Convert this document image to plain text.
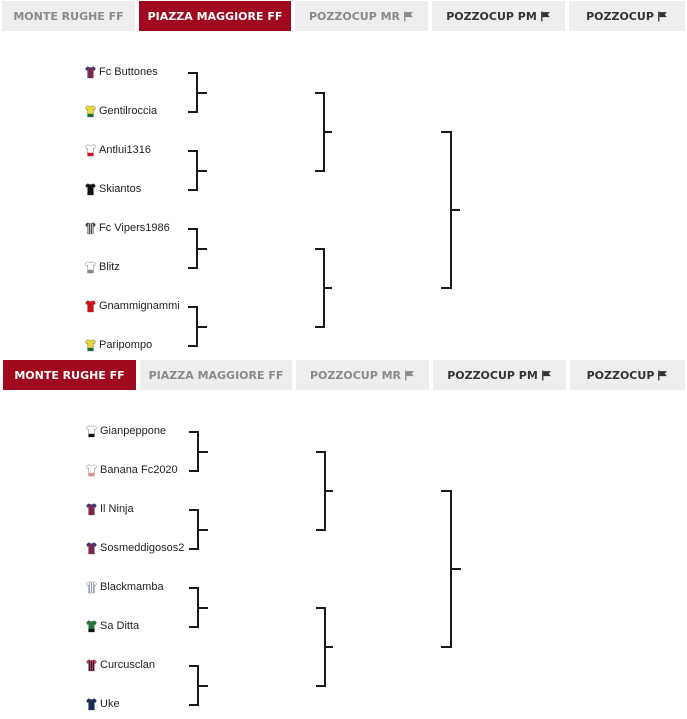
MONTE RUGHE FF PIAZZA MAGGIORE FF POZZOCUP MR	POZZOCUP PM	POZZOCUP
Fc Buttones
Gentilroccia
Antlui1316
Skiantos
Fc Vipers1986
Blitz
Gnammignammi
Paripompo
MONTE RUGHE FF PIAZZA MAGGIORE FF POZZOCUP MR	POZZOCUP PM	POZZOCUP
Gianpeppone
Banana Fc2020
Il Ninja
Sosmeddigosos2
Blackmamba
Sa Ditta
Curcusclan
Uke
